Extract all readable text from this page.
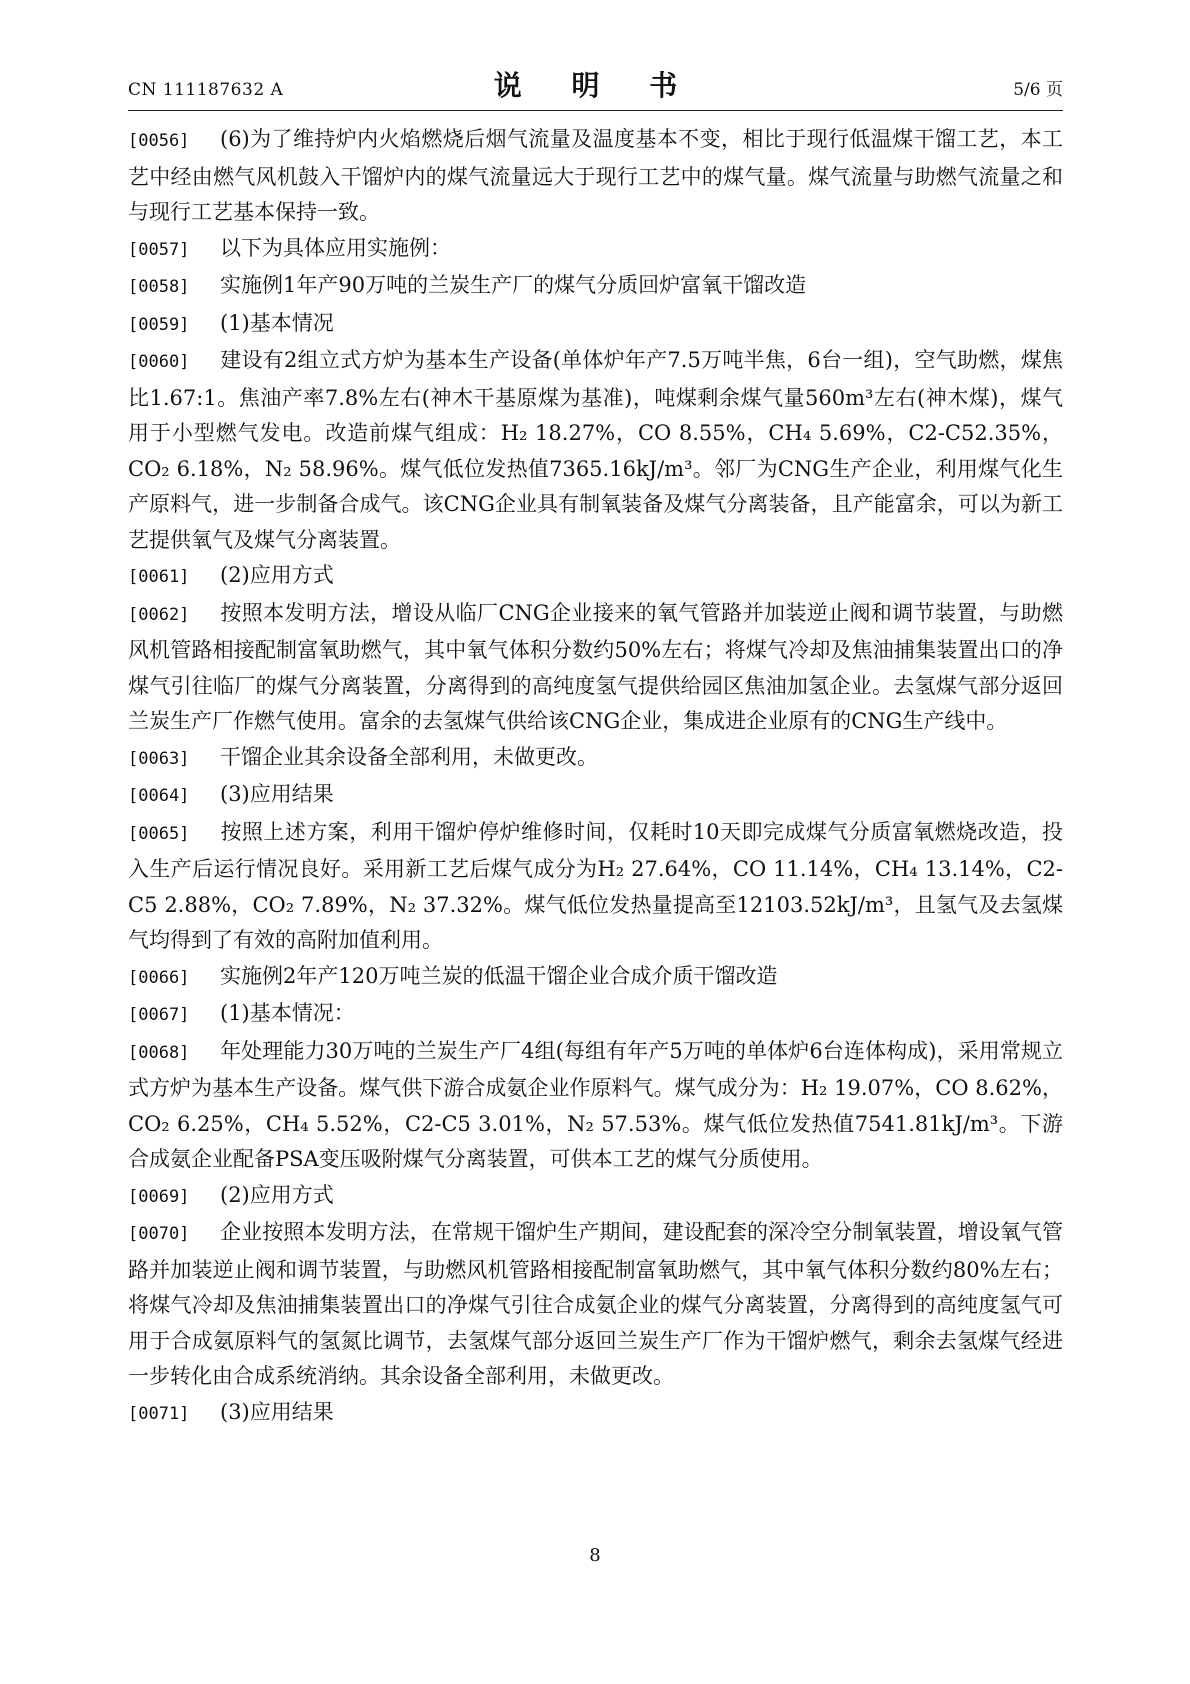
CN 111187632 A	说 明 书	5/6 页
[0056] (6)为了维持炉内火焰燃烧后烟气流量及温度基本不变，相比于现行低温煤干馏工艺，本工艺中经由燃气风机鼓入干馏炉内的煤气流量远大于现行工艺中的煤气量。煤气流量与助燃气流量之和与现行工艺基本保持一致。
[0057] 以下为具体应用实施例：
[0058] 实施例1年产90万吨的兰炭生产厂的煤气分质回炉富氧干馏改造
[0059] (1)基本情况
[0060] 建设有2组立式方炉为基本生产设备(单体炉年产7.5万吨半焦，6台一组)，空气助燃，煤焦比1.67:1。焦油产率7.8%左右(神木干基原煤为基准)，吨煤剩余煤气量560m³左右(神木煤)，煤气用于小型燃气发电。改造前煤气组成：H₂ 18.27%，CO 8.55%，CH₄ 5.69%，C2-C52.35%，CO₂ 6.18%，N₂ 58.96%。煤气低位发热值7365.16kJ/m³。邻厂为CNG生产企业，利用煤气化生产原料气，进一步制备合成气。该CNG企业具有制氧装备及煤气分离装备，且产能富余，可以为新工艺提供氧气及煤气分离装置。
[0061] (2)应用方式
[0062] 按照本发明方法，增设从临厂CNG企业接来的氧气管路并加装逆止阀和调节装置，与助燃风机管路相接配制富氧助燃气，其中氧气体积分数约50%左右；将煤气冷却及焦油捕集装置出口的净煤气引往临厂的煤气分离装置，分离得到的高纯度氢气提供给园区焦油加氢企业。去氢煤气部分返回兰炭生产厂作燃气使用。富余的去氢煤气供给该CNG企业，集成进企业原有的CNG生产线中。
[0063] 干馏企业其余设备全部利用，未做更改。
[0064] (3)应用结果
[0065] 按照上述方案，利用干馏炉停炉维修时间，仅耗时10天即完成煤气分质富氧燃烧改造，投入生产后运行情况良好。采用新工艺后煤气成分为H₂ 27.64%，CO 11.14%，CH₄ 13.14%，C2-C5 2.88%，CO₂ 7.89%，N₂ 37.32%。煤气低位发热量提高至12103.52kJ/m³，且氢气及去氢煤气均得到了有效的高附加值利用。
[0066] 实施例2年产120万吨兰炭的低温干馏企业合成介质干馏改造
[0067] (1)基本情况：
[0068] 年处理能力30万吨的兰炭生产厂4组(每组有年产5万吨的单体炉6台连体构成)，采用常规立式方炉为基本生产设备。煤气供下游合成氨企业作原料气。煤气成分为：H₂ 19.07%，CO 8.62%，CO₂ 6.25%，CH₄ 5.52%，C2-C5 3.01%，N₂ 57.53%。煤气低位发热值7541.81kJ/m³。下游合成氨企业配备PSA变压吸附煤气分离装置，可供本工艺的煤气分质使用。
[0069] (2)应用方式
[0070] 企业按照本发明方法，在常规干馏炉生产期间，建设配套的深冷空分制氧装置，增设氧气管路并加装逆止阀和调节装置，与助燃风机管路相接配制富氧助燃气，其中氧气体积分数约80%左右；将煤气冷却及焦油捕集装置出口的净煤气引往合成氨企业的煤气分离装置，分离得到的高纯度氢气可用于合成氨原料气的氢氮比调节，去氢煤气部分返回兰炭生产厂作为干馏炉燃气，剩余去氢煤气经进一步转化由合成系统消纳。其余设备全部利用，未做更改。
[0071] (3)应用结果
8
